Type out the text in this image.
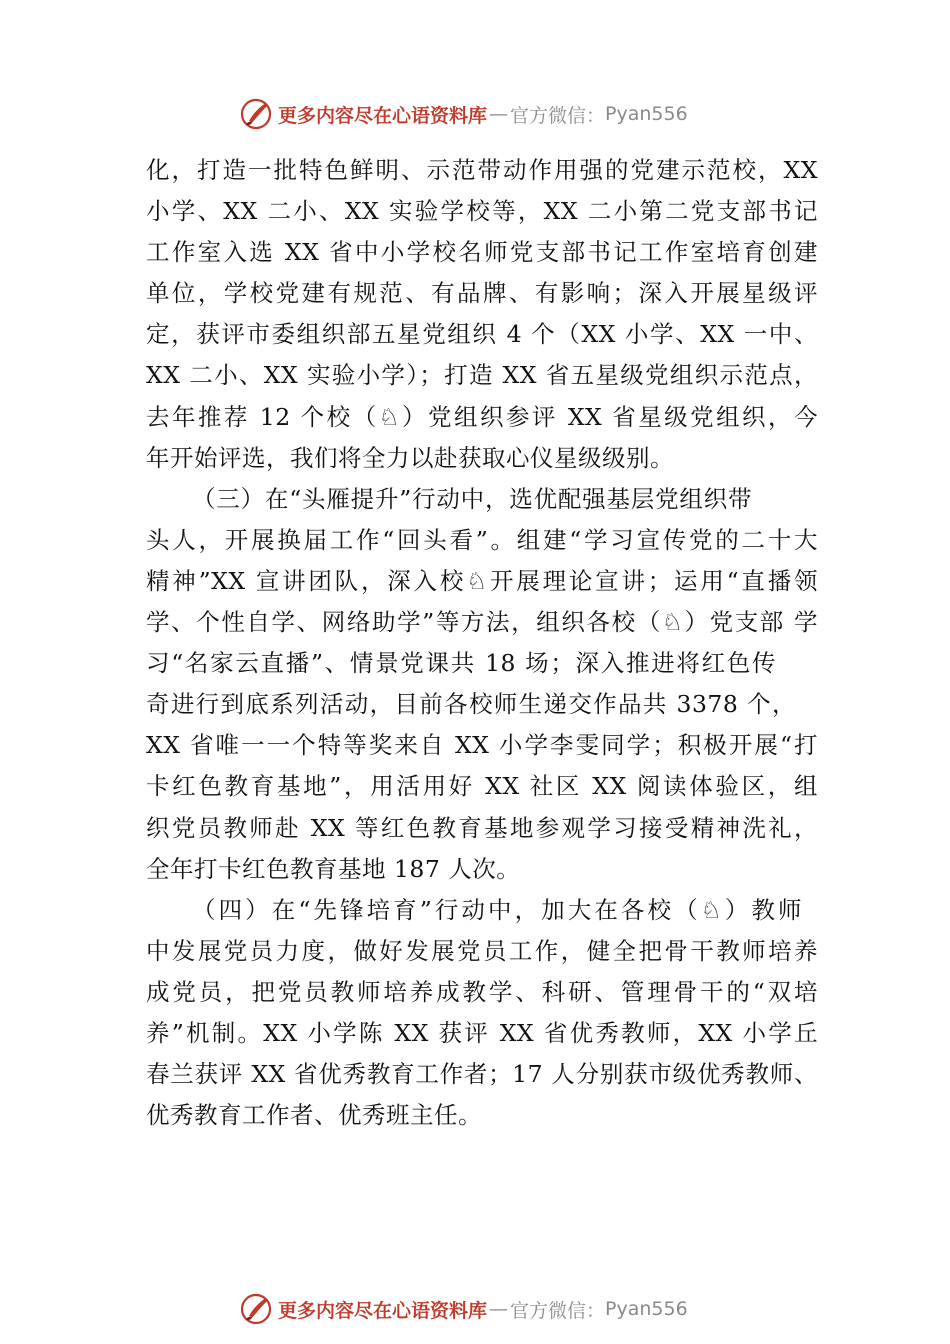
更多内容尽在心语资料库 — 官方微信： Pyan556
化，打造一批特色鲜明、示范带动作用强的党建示范校，XX
小学、XX 二小、XX 实验学校等，XX 二小第二党支部书记
工作室入选 XX 省中小学校名师党支部书记工作室培育创建
单位，学校党建有规范、有品牌、有影响；深入开展星级评
定，获评市委组织部五星党组织 4 个（XX 小学、XX 一中、
XX 二小、XX 实验小学）；打造 XX 省五星级党组织示范点，
去年推荐 12 个校（♘）党组织参评 XX 省星级党组织，今
年开始评选，我们将全力以赴获取心仪星级级别。
（三）在“头雁提升”行动中，选优配强基层党组织带
头人，开展换届工作“回头看”。组建“学习宣传党的二十大
精神”XX 宣讲团队，深入校♘开展理论宣讲；运用“直播领
学、个性自学、网络助学”等方法，组织各校（♘）党支部 学
习“名家云直播”、情景党课共 18 场；深入推进将红色传
奇进行到底系列活动，目前各校师生递交作品共 3378 个，
XX 省唯一一个特等奖来自 XX 小学李雯同学；积极开展“打
卡红色教育基地”，用活用好 XX 社区 XX 阅读体验区，组
织党员教师赴 XX 等红色教育基地参观学习接受精神洗礼，
全年打卡红色教育基地 187 人次。
（四）在“先锋培育”行动中，加大在各校（♘）教师
中发展党员力度，做好发展党员工作，健全把骨干教师培养
成党员，把党员教师培养成教学、科研、管理骨干的“双培
养”机制。XX 小学陈 XX 获评 XX 省优秀教师，XX 小学丘
春兰获评 XX 省优秀教育工作者；17 人分别获市级优秀教师、
优秀教育工作者、优秀班主任。
更多内容尽在心语资料库 — 官方微信： Pyan556
